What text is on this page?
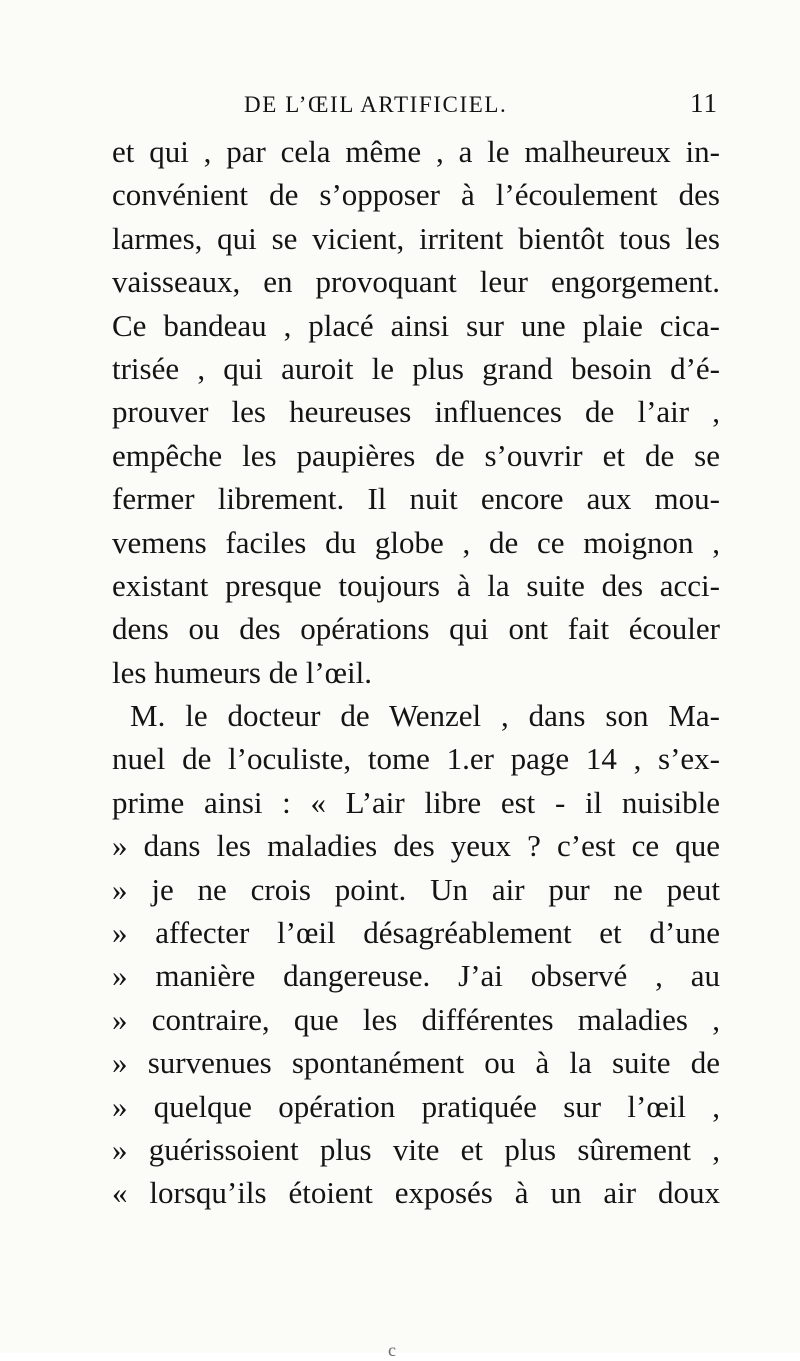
DE L’ŒIL ARTIFICIEL.	11
et qui , par cela même , a le malheureux in-
convénient de s’opposer à l’écoulement des
larmes, qui se vicient, irritent bientôt tous les
vaisseaux, en provoquant leur engorgement.
Ce bandeau , placé ainsi sur une plaie cica-
trisée , qui auroit le plus grand besoin d’é-
prouver les heureuses influences de l’air ,
empêche les paupières de s’ouvrir et de se
fermer librement. Il nuit encore aux mou-
vemens faciles du globe , de ce moignon ,
existant presque toujours à la suite des acci-
dens ou des opérations qui ont fait écouler
les humeurs de l’œil.
M. le docteur de Wenzel , dans son Ma-
nuel de l’oculiste, tome 1.er page 14 , s’ex-
prime ainsi : « L’air libre est - il nuisible
» dans les maladies des yeux ? c’est ce que
» je ne crois point. Un air pur ne peut
» affecter l’œil désagréablement et d’une
» manière dangereuse. J’ai observé , au
» contraire, que les différentes maladies ,
» survenues spontanément ou à la suite de
» quelque opération pratiquée sur l’œil ,
» guérissoient plus vite et plus sûrement ,
« lorsqu’ils étoient exposés à un air doux
c
